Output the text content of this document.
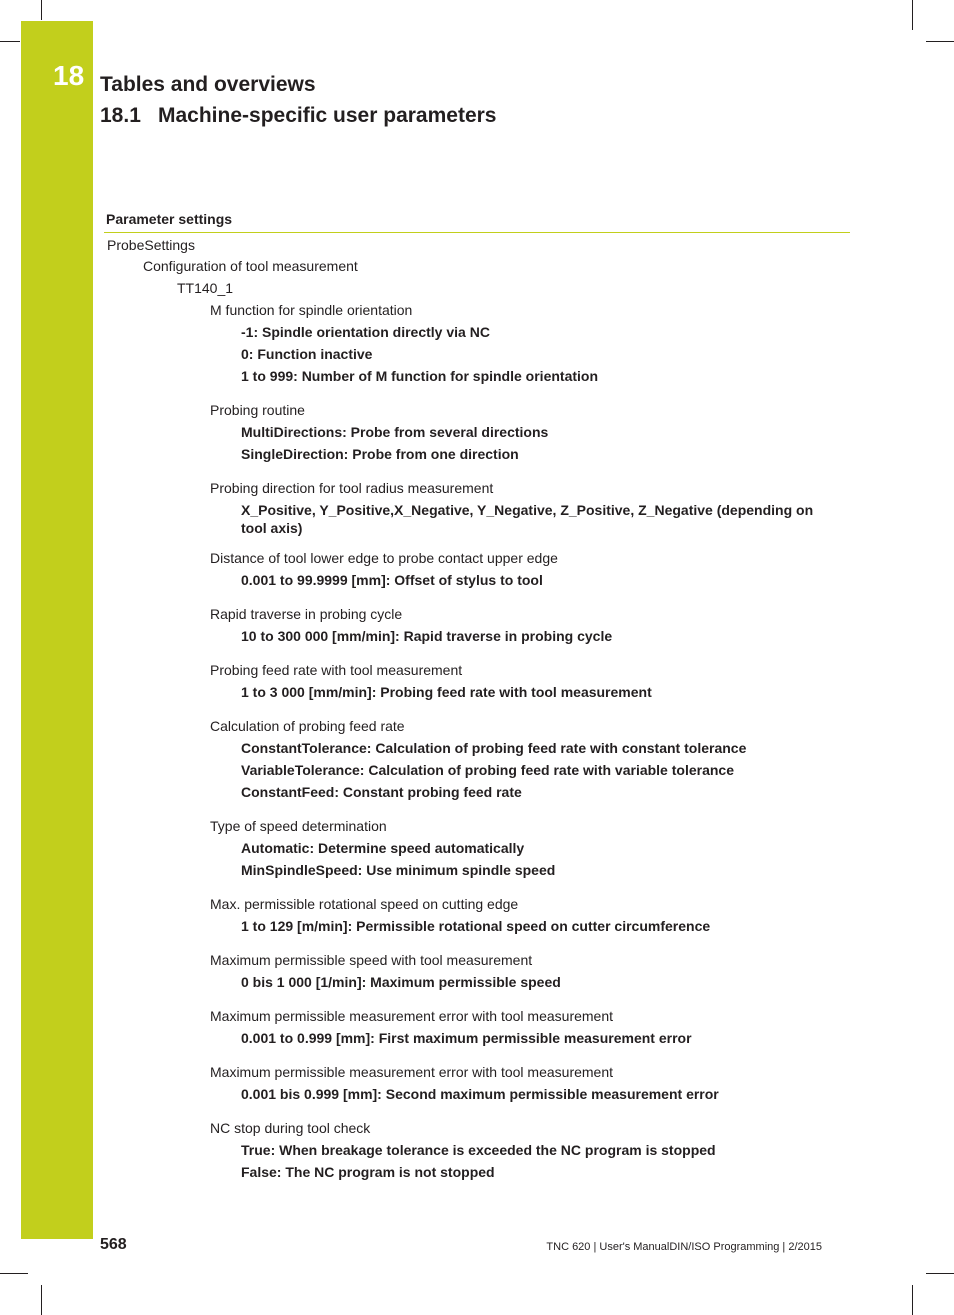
18 Tables and overviews
18.1 Machine-specific user parameters
Parameter settings
ProbeSettings
Configuration of tool measurement
TT140_1
M function for spindle orientation
-1: Spindle orientation directly via NC
0: Function inactive
1 to 999: Number of M function for spindle orientation
Probing routine
MultiDirections: Probe from several directions
SingleDirection: Probe from one direction
Probing direction for tool radius measurement
X_Positive, Y_Positive,X_Negative, Y_Negative, Z_Positive, Z_Negative (depending on tool axis)
Distance of tool lower edge to probe contact upper edge
0.001 to 99.9999 [mm]: Offset of stylus to tool
Rapid traverse in probing cycle
10 to 300 000 [mm/min]: Rapid traverse in probing cycle
Probing feed rate with tool measurement
1 to 3 000 [mm/min]: Probing feed rate with tool measurement
Calculation of probing feed rate
ConstantTolerance: Calculation of probing feed rate with constant tolerance
VariableTolerance: Calculation of probing feed rate with variable tolerance
ConstantFeed: Constant probing feed rate
Type of speed determination
Automatic: Determine speed automatically
MinSpindleSpeed: Use minimum spindle speed
Max. permissible rotational speed on cutting edge
1 to 129 [m/min]: Permissible rotational speed on cutter circumference
Maximum permissible speed with tool measurement
0 bis 1 000 [1/min]: Maximum permissible speed
Maximum permissible measurement error with tool measurement
0.001 to 0.999 [mm]: First maximum permissible measurement error
Maximum permissible measurement error with tool measurement
0.001 bis 0.999 [mm]: Second maximum permissible measurement error
NC stop during tool check
True: When breakage tolerance is exceeded the NC program is stopped
False: The NC program is not stopped
568	TNC 620 | User's ManualDIN/ISO Programming | 2/2015
